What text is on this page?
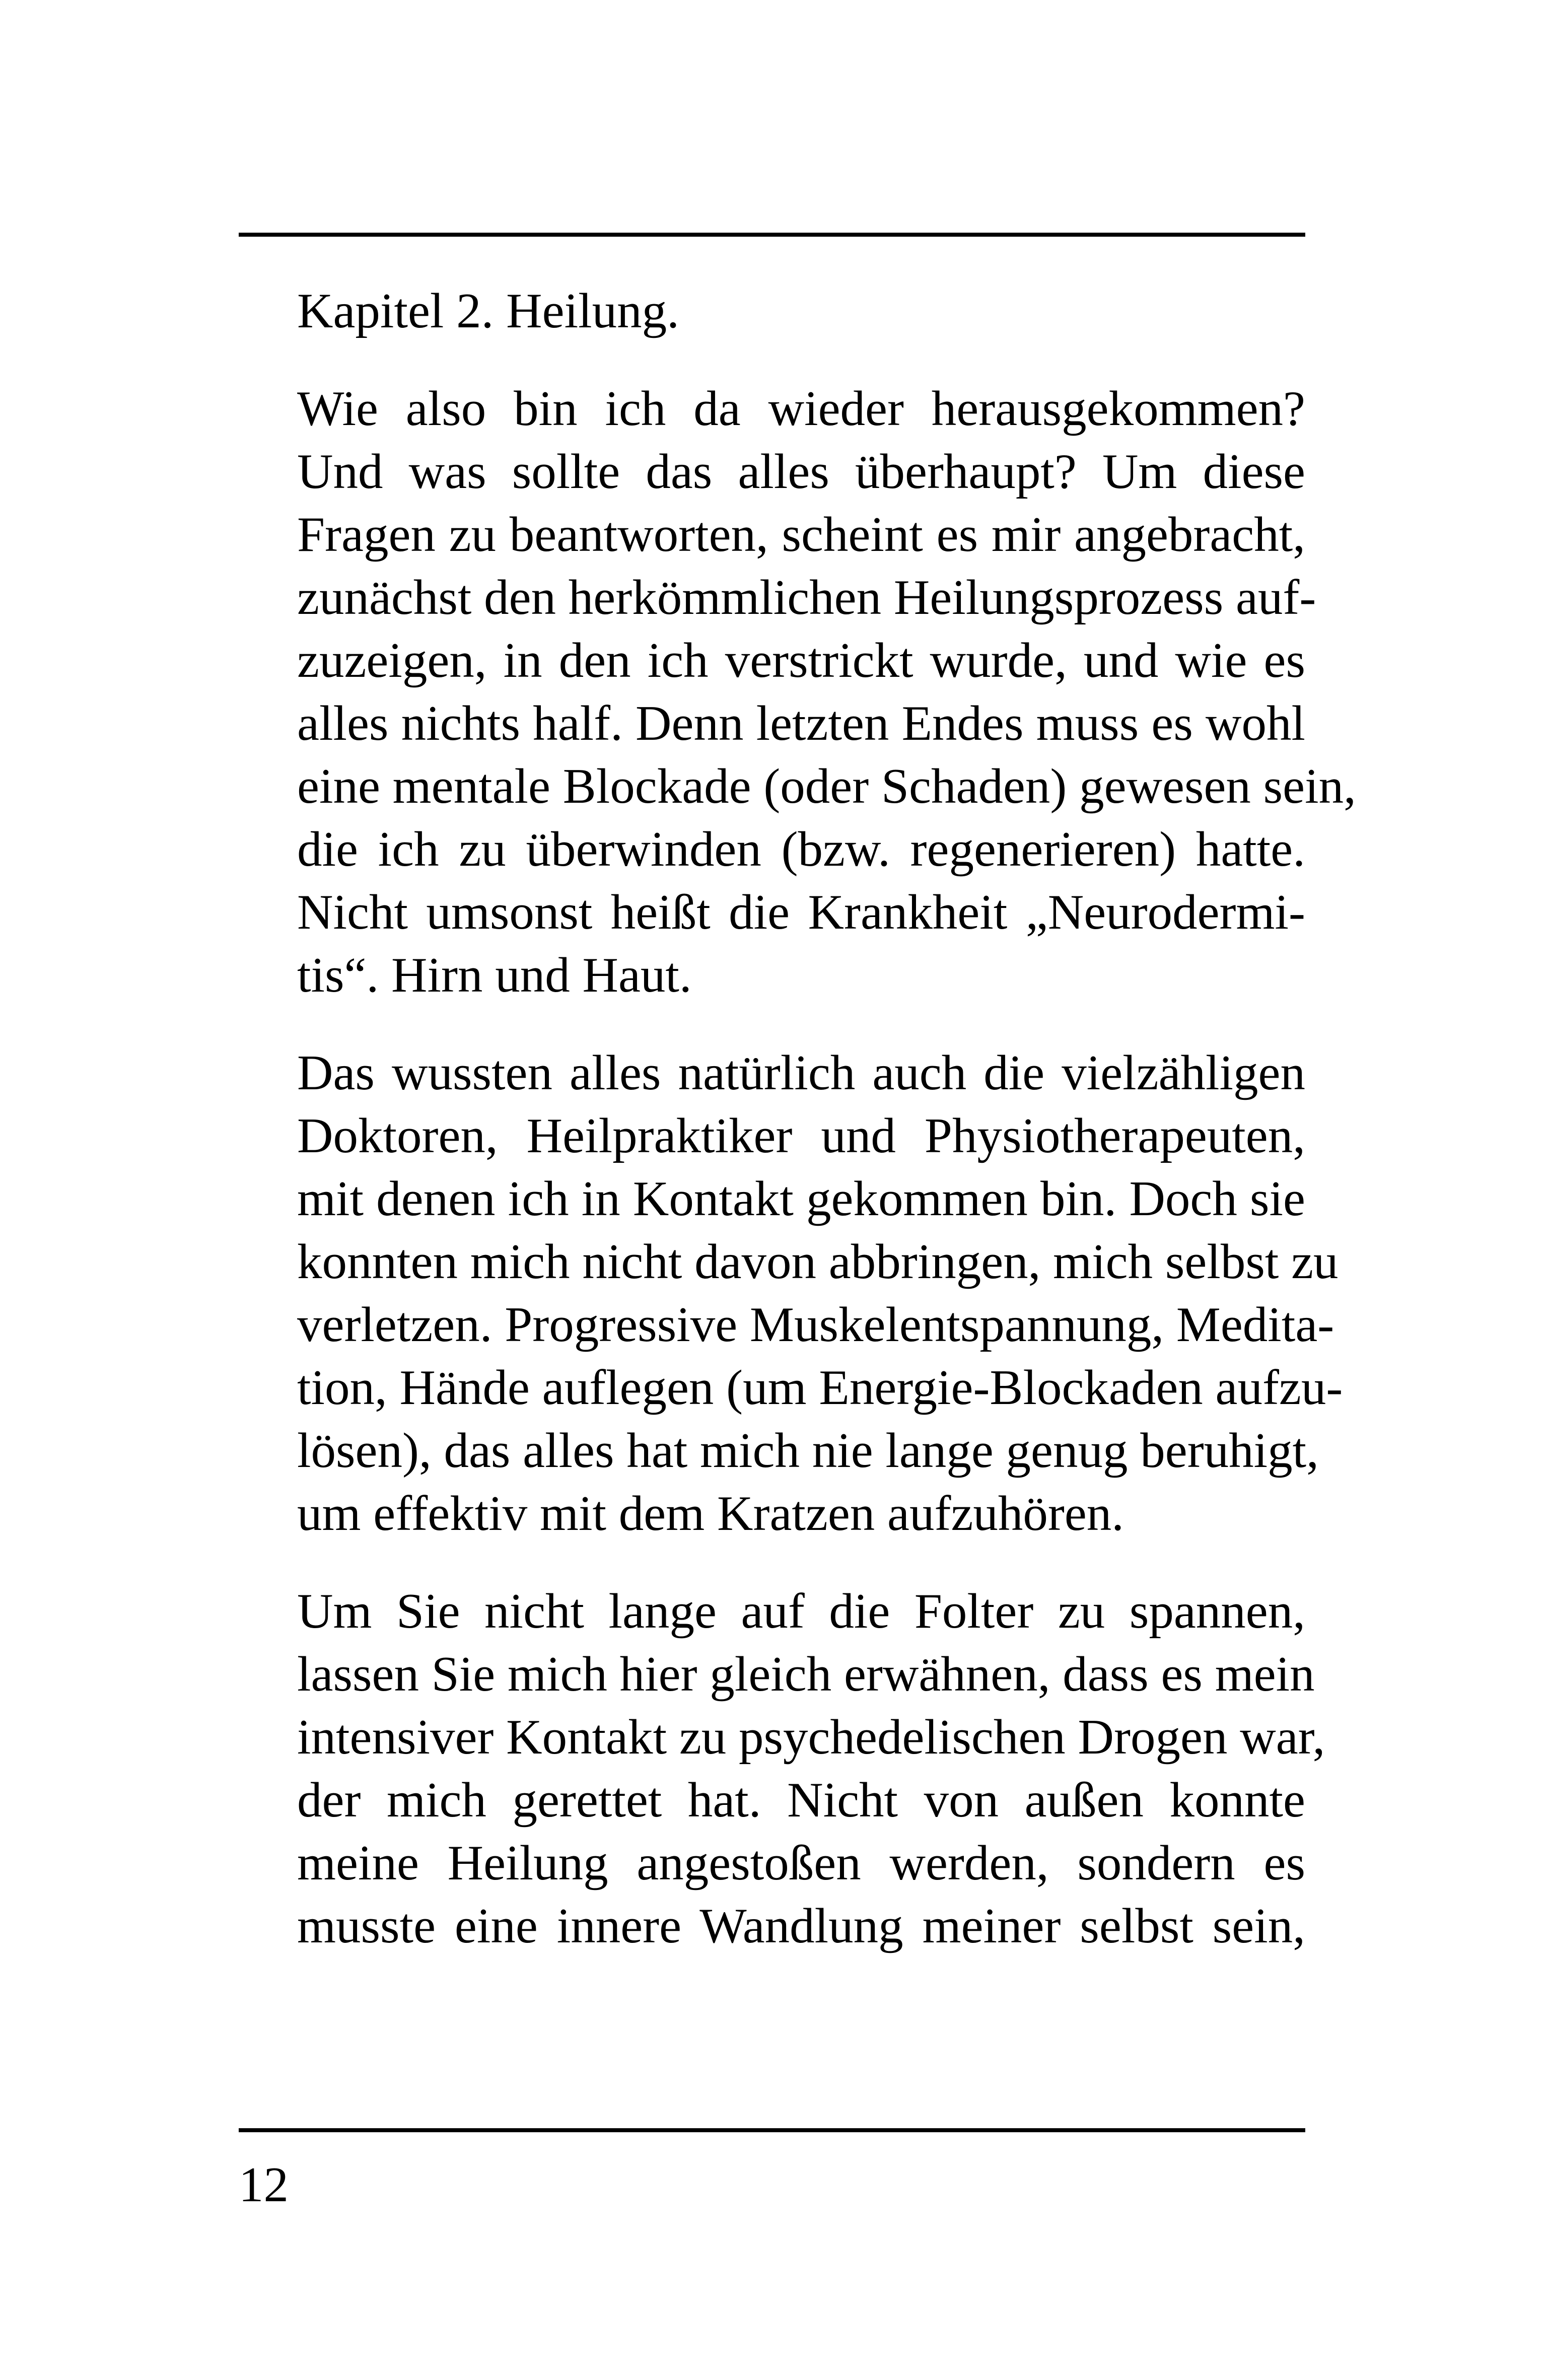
Kapitel 2. Heilung.

Wie also bin ich da wieder herausgekommen?
Und was sollte das alles überhaupt? Um diese
Fragen zu beantworten, scheint es mir angebracht,
zunächst den herkömmlichen Heilungsprozess auf-
zuzeigen, in den ich verstrickt wurde, und wie es
alles nichts half. Denn letzten Endes muss es wohl
eine mentale Blockade (oder Schaden) gewesen sein,
die ich zu überwinden (bzw. regenerieren) hatte.
Nicht umsonst heißt die Krankheit „Neurodermi-
tis“. Hirn und Haut.

Das wussten alles natürlich auch die vielzähligen
Doktoren, Heilpraktiker und Physiotherapeuten,
mit denen ich in Kontakt gekommen bin. Doch sie
konnten mich nicht davon abbringen, mich selbst zu
verletzen. Progressive Muskelentspannung, Medita-
tion, Hände auflegen (um Energie-Blockaden aufzu-
lösen), das alles hat mich nie lange genug beruhigt,
um effektiv mit dem Kratzen aufzuhören.

Um Sie nicht lange auf die Folter zu spannen,
lassen Sie mich hier gleich erwähnen, dass es mein
intensiver Kontakt zu psychedelischen Drogen war,
der mich gerettet hat. Nicht von außen konnte
meine Heilung angestoßen werden, sondern es
musste eine innere Wandlung meiner selbst sein,

12
